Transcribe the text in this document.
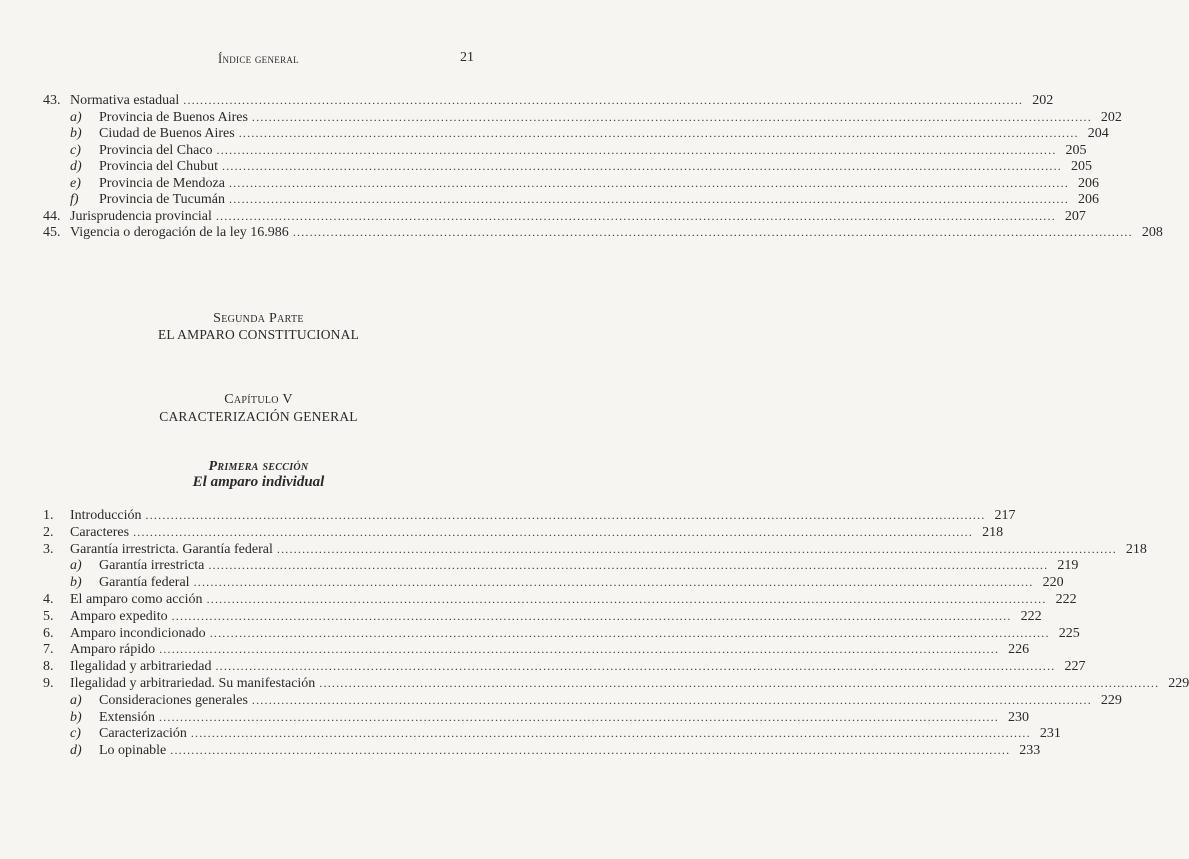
Índice general	21
Normativa estadual ........................................................................................................................................................................................................ 202
43.
Provincia de Buenos Aires ........................................................................................................................................................................................................ 202
a)
Ciudad de Buenos Aires ........................................................................................................................................................................................................ 204
b)
Provincia del Chaco ........................................................................................................................................................................................................ 205
c)
Provincia del Chubut ........................................................................................................................................................................................................ 205
d)
Provincia de Mendoza ........................................................................................................................................................................................................ 206
e)
Provincia de Tucumán ........................................................................................................................................................................................................ 206
f)
Jurisprudencia provincial ........................................................................................................................................................................................................ 207
44.
Vigencia o derogación de la ley 16.986 ........................................................................................................................................................................................................ 208
45.
Segunda Parte
EL AMPARO CONSTITUCIONAL
Capítulo V
CARACTERIZACIÓN GENERAL
Primera sección
El amparo individual
Introducción ........................................................................................................................................................................................................ 217
1.
Caracteres ........................................................................................................................................................................................................ 218
2.
Garantía irrestricta. Garantía federal ........................................................................................................................................................................................................ 218
3.
Garantía irrestricta ........................................................................................................................................................................................................ 219
a)
Garantía federal ........................................................................................................................................................................................................ 220
b)
El amparo como acción ........................................................................................................................................................................................................ 222
4.
Amparo expedito ........................................................................................................................................................................................................ 222
5.
Amparo incondicionado ........................................................................................................................................................................................................ 225
6.
Amparo rápido ........................................................................................................................................................................................................ 226
7.
Ilegalidad y arbitrariedad ........................................................................................................................................................................................................ 227
8.
Ilegalidad y arbitrariedad. Su manifestación ........................................................................................................................................................................................................ 229
9.
Consideraciones generales ........................................................................................................................................................................................................ 229
a)
Extensión ........................................................................................................................................................................................................ 230
b)
Caracterización ........................................................................................................................................................................................................ 231
c)
Lo opinable ........................................................................................................................................................................................................ 233
d)
